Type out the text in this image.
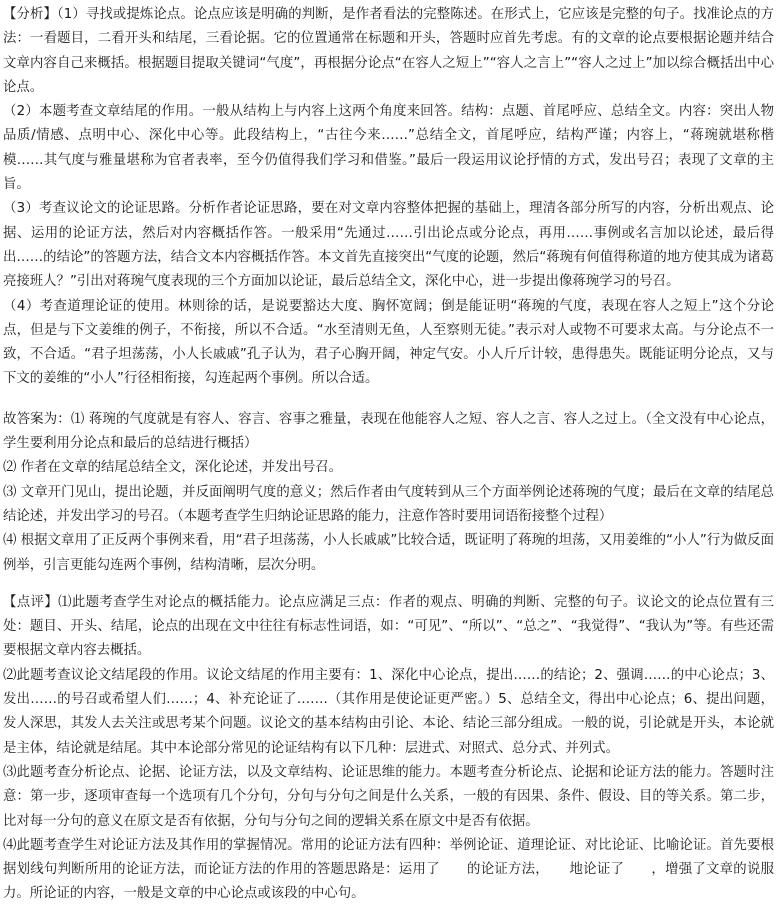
【分析】（1）寻找或提炼论点。论点应该是明确的判断，是作者看法的完整陈述。在形式上，它应该是完整的句子。找准论点的方法：一看题目，二看开头和结尾，三看论据。它的位置通常在标题和开头，答题时应首先考虑。有的文章的论点要根据论题并结合文章内容自己来概括。根据题目提取关键词“气度”，再根据分论点“在容人之短上”“容人之言上”“容人之过上”加以综合概括出中心论点。

（2）本题考查文章结尾的作用。一般从结构上与内容上这两个角度来回答。结构：点题、首尾呼应、总结全文。内容：突出人物品质/情感、点明中心、深化中心等。此段结构上，“古往今来……”总结全文，首尾呼应，结构严谨；内容上，“蒋琬就堪称楷模……其气度与雅量堪称为官者表率，至今仍值得我们学习和借鉴。”最后一段运用议论抒情的方式，发出号召；表现了文章的主旨。

（3）考查议论文的论证思路。分析作者论证思路，要在对文章内容整体把握的基础上，理清各部分所写的内容，分析出观点、论据、运用的论证方法，然后对内容概括作答。一般采用“先通过……引出论点或分论点，再用……事例或名言加以论述，最后得出……的结论”的答题方法，结合文本内容概括作答。本文首先直接突出“气度的论题，然后“蒋琬有何值得称道的地方使其成为诸葛亮接班人？”引出对蒋琬气度表现的三个方面加以论证，最后总结全文，深化中心，进一步提出像蒋琬学习的号召。

（4）考查道理论证的使用。林则徐的话，是说要豁达大度、胸怀宽阔；倒是能证明“蒋琬的气度，表现在容人之短上”这个分论点，但是与下文姜维的例子，不衔接，所以不合适。“水至清则无鱼，人至察则无徒。”表示对人或物不可要求太高。与分论点不一致，不合适。“君子坦荡荡，小人长戚戚”孔子认为，君子心胸开阔，神定气安。小人斤斤计较，患得患失。既能证明分论点，又与下文的姜维的“小人”行径相衔接，勾连起两个事例。所以合适。

故答案为：⑴ 蒋琬的气度就是有容人、容言、容事之雅量，表现在他能容人之短、容人之言、容人之过上。（全文没有中心论点，学生要利用分论点和最后的总结进行概括）

⑵ 作者在文章的结尾总结全文，深化论述，并发出号召。

⑶ 文章开门见山，提出论题，并反面阐明气度的意义；然后作者由气度转到从三个方面举例论述蒋琬的气度；最后在文章的结尾总结论述，并发出学习的号召。（本题考查学生归纳论证思路的能力，注意作答时要用词语衔接整个过程）

⑷ 根据文章用了正反两个事例来看，用“君子坦荡荡，小人长戚戚”比较合适，既证明了蒋琬的坦荡，又用姜维的“小人”行为做反面例举，引言更能勾连两个事例，结构清晰，层次分明。

【点评】⑴此题考查学生对论点的概括能力。论点应满足三点：作者的观点、明确的判断、完整的句子。议论文的论点位置有三处：题目、开头、结尾，论点的出现在文中往往有标志性词语，如：“可见”、“所以”、“总之”、“我觉得”、“我认为”等。有些还需要根据文章内容去概括。

⑵此题考查议论文结尾段的作用。议论文结尾的作用主要有：1、深化中心论点，提出……的结论；2、强调……的中心论点；3、发出……的号召或希望人们……；4、补充论证了…….（其作用是使论证更严密。）5、总结全文，得出中心论点；6、提出问题，发人深思，其发人去关注或思考某个问题。议论文的基本结构由引论、本论、结论三部分组成。一般的说，引论就是开头，本论就是主体，结论就是结尾。其中本论部分常见的论证结构有以下几种：层进式、对照式、总分式、并列式。

⑶此题考查分析论点、论据、论证方法，以及文章结构、论证思维的能力。本题考查分析论点、论据和论证方法的能力。答题时注意：第一步，逐项审查每一个选项有几个分句，分句与分句之间是什么关系，一般的有因果、条件、假设、目的等关系。第二步，比对每一分句的意义在原文是否有依据，分句与分句之间的逻辑关系在原文中是否有依据。

⑷此题考查学生对论证方法及其作用的掌握情况。常用的论证方法有四种：举例论证、道理论证、对比论证、比喻论证。首先要根据划线句判断所用的论证方法，而论证方法的作用的答题思路是：运用了　　的论证方法，　　地论证了　　，增强了文章的说服力。所论证的内容，一般是文章的中心论点或该段的中心句。
